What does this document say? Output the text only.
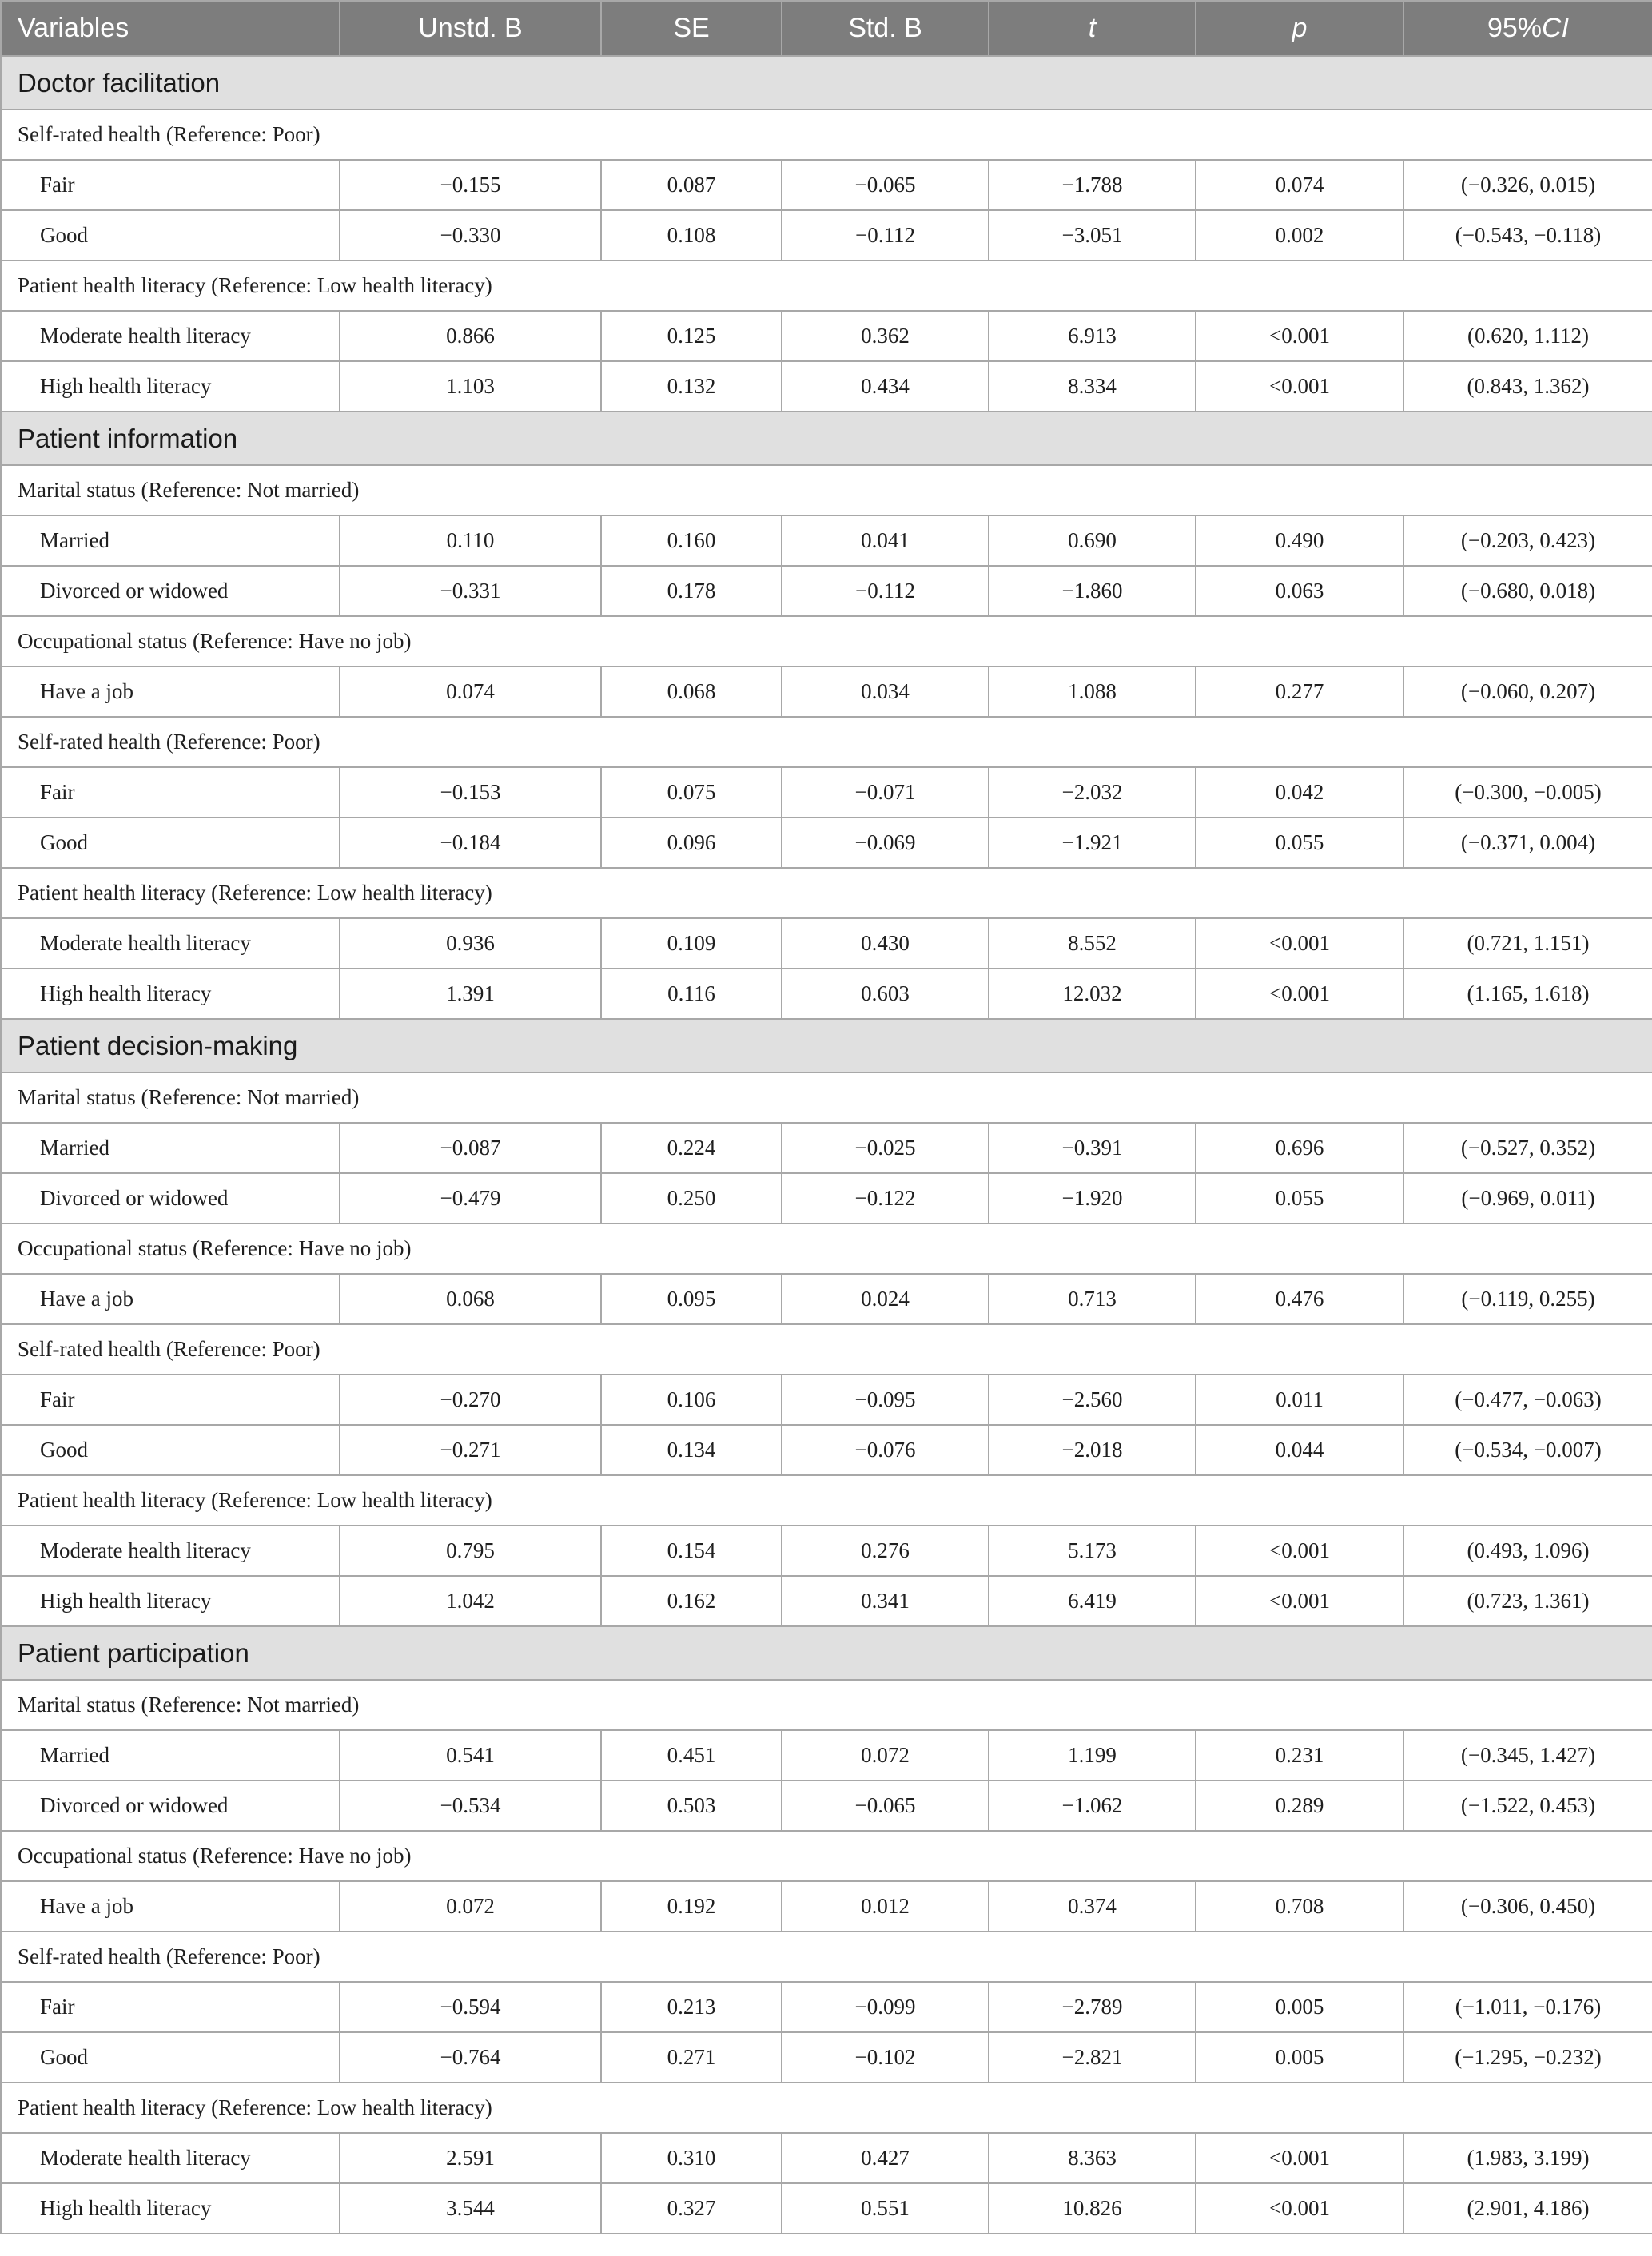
Variables	Unstd. B	SE	Std. B	t	p	95%CI
Doctor facilitation						
Self-rated health (Reference: Poor)						
Fair	−0.155	0.087	−0.065	−1.788	0.074	(−0.326, 0.015)
Good	−0.330	0.108	−0.112	−3.051	0.002	(−0.543, −0.118)
Patient health literacy (Reference: Low health literacy)						
Moderate health literacy	0.866	0.125	0.362	6.913	<0.001	(0.620, 1.112)
High health literacy	1.103	0.132	0.434	8.334	<0.001	(0.843, 1.362)
Patient information						
Marital status (Reference: Not married)						
Married	0.110	0.160	0.041	0.690	0.490	(−0.203, 0.423)
Divorced or widowed	−0.331	0.178	−0.112	−1.860	0.063	(−0.680, 0.018)
Occupational status (Reference: Have no job)						
Have a job	0.074	0.068	0.034	1.088	0.277	(−0.060, 0.207)
Self-rated health (Reference: Poor)						
Fair	−0.153	0.075	−0.071	−2.032	0.042	(−0.300, −0.005)
Good	−0.184	0.096	−0.069	−1.921	0.055	(−0.371, 0.004)
Patient health literacy (Reference: Low health literacy)						
Moderate health literacy	0.936	0.109	0.430	8.552	<0.001	(0.721, 1.151)
High health literacy	1.391	0.116	0.603	12.032	<0.001	(1.165, 1.618)
Patient decision-making						
Marital status (Reference: Not married)						
Married	−0.087	0.224	−0.025	−0.391	0.696	(−0.527, 0.352)
Divorced or widowed	−0.479	0.250	−0.122	−1.920	0.055	(−0.969, 0.011)
Occupational status (Reference: Have no job)						
Have a job	0.068	0.095	0.024	0.713	0.476	(−0.119, 0.255)
Self-rated health (Reference: Poor)						
Fair	−0.270	0.106	−0.095	−2.560	0.011	(−0.477, −0.063)
Good	−0.271	0.134	−0.076	−2.018	0.044	(−0.534, −0.007)
Patient health literacy (Reference: Low health literacy)						
Moderate health literacy	0.795	0.154	0.276	5.173	<0.001	(0.493, 1.096)
High health literacy	1.042	0.162	0.341	6.419	<0.001	(0.723, 1.361)
Patient participation						
Marital status (Reference: Not married)						
Married	0.541	0.451	0.072	1.199	0.231	(−0.345, 1.427)
Divorced or widowed	−0.534	0.503	−0.065	−1.062	0.289	(−1.522, 0.453)
Occupational status (Reference: Have no job)						
Have a job	0.072	0.192	0.012	0.374	0.708	(−0.306, 0.450)
Self-rated health (Reference: Poor)						
Fair	−0.594	0.213	−0.099	−2.789	0.005	(−1.011, −0.176)
Good	−0.764	0.271	−0.102	−2.821	0.005	(−1.295, −0.232)
Patient health literacy (Reference: Low health literacy)						
Moderate health literacy	2.591	0.310	0.427	8.363	<0.001	(1.983, 3.199)
High health literacy	3.544	0.327	0.551	10.826	<0.001	(2.901, 4.186)
